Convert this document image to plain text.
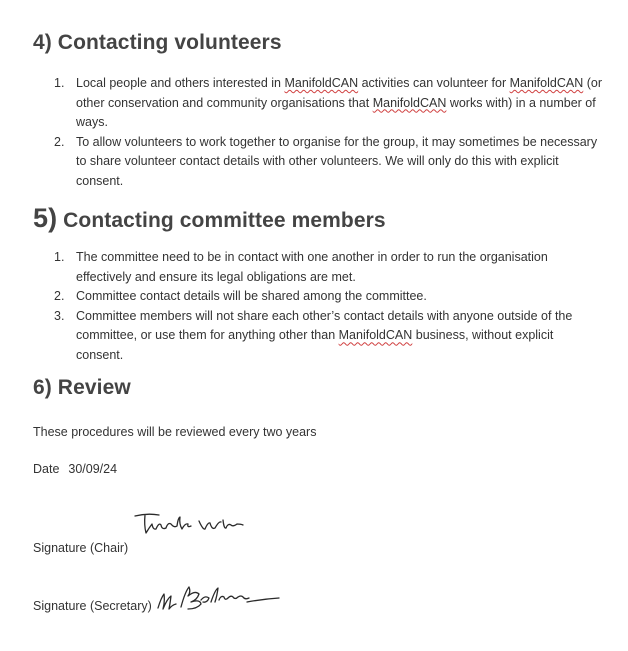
4) Contacting volunteers
1. Local people and others interested in ManifoldCAN activities can volunteer for ManifoldCAN (or other conservation and community organisations that ManifoldCAN works with) in a number of ways.
2. To allow volunteers to work together to organise for the group, it may sometimes be necessary to share volunteer contact details with other volunteers. We will only do this with explicit consent.
5) Contacting committee members
1. The committee need to be in contact with one another in order to run the organisation effectively and ensure its legal obligations are met.
2. Committee contact details will be shared among the committee.
3. Committee members will not share each other’s contact details with anyone outside of the committee, or use them for anything other than ManifoldCAN business, without explicit consent.
6) Review
These procedures will be reviewed every two years
Date 30/09/24
Signature (Chair)
Signature (Secretary)
